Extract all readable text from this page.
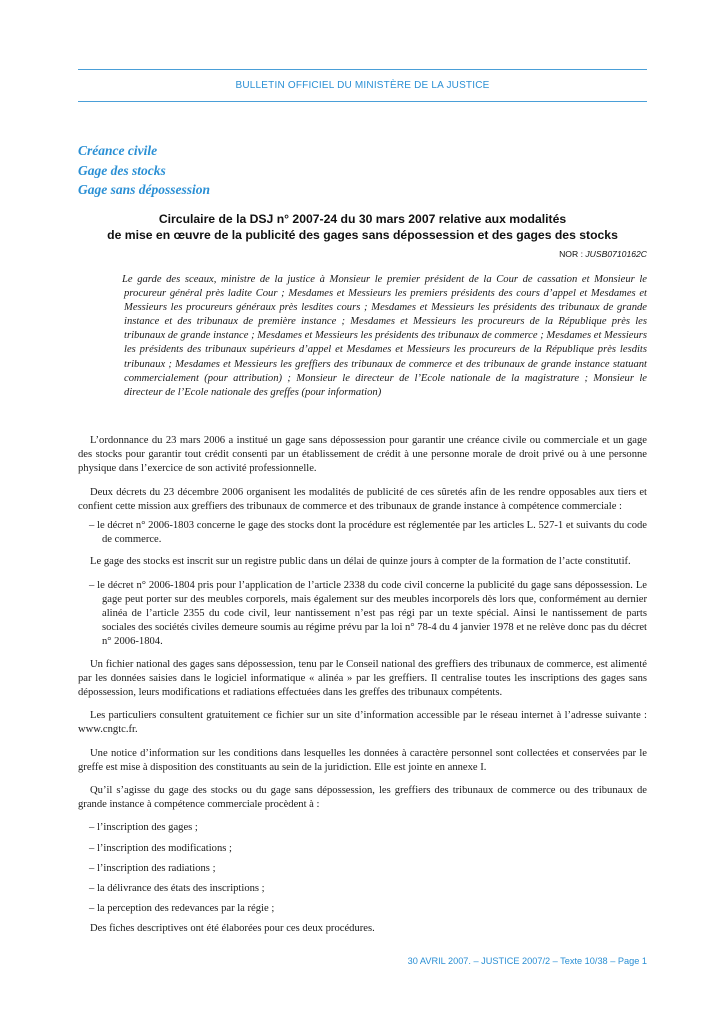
BULLETIN OFFICIEL DU MINISTÈRE DE LA JUSTICE
Créance civile
Gage des stocks
Gage sans dépossession
Circulaire de la DSJ n° 2007-24 du 30 mars 2007 relative aux modalités
de mise en œuvre de la publicité des gages sans dépossession et des gages des stocks
NOR : JUSB0710162C
Le garde des sceaux, ministre de la justice à Monsieur le premier président de la Cour de cassation et Monsieur le procureur général près ladite Cour ; Mesdames et Messieurs les premiers présidents des cours d’appel et Mesdames et Messieurs les procureurs généraux près lesdites cours ; Mesdames et Messieurs les présidents des tribunaux de grande instance et des tribunaux de première instance ; Mesdames et Messieurs les procureurs de la République près les tribunaux de grande instance ; Mesdames et Messieurs les présidents des tribunaux de commerce ; Mesdames et Messieurs les présidents des tribunaux supérieurs d’appel et Mesdames et Messieurs les procureurs de la République près lesdits tribunaux ; Mesdames et Messieurs les greffiers des tribunaux de commerce et des tribunaux de grande instance statuant commercialement (pour attribution) ; Monsieur le directeur de l’Ecole nationale de la magistrature ; Monsieur le directeur de l’Ecole nationale des greffes (pour information)

L’ordonnance du 23 mars 2006 a institué un gage sans dépossession pour garantir une créance civile ou commerciale et un gage des stocks pour garantir tout crédit consenti par un établissement de crédit à une personne morale de droit privé ou à une personne physique dans l’exercice de son activité professionnelle.

Deux décrets du 23 décembre 2006 organisent les modalités de publicité de ces sûretés afin de les rendre opposables aux tiers et confient cette mission aux greffiers des tribunaux de commerce et des tribunaux de grande instance à compétence commerciale :

– le décret n° 2006-1803 concerne le gage des stocks dont la procédure est réglementée par les articles L. 527-1 et suivants du code de commerce.

Le gage des stocks est inscrit sur un registre public dans un délai de quinze jours à compter de la formation de l’acte constitutif.

– le décret n° 2006-1804 pris pour l’application de l’article 2338 du code civil concerne la publicité du gage sans dépossession. Le gage peut porter sur des meubles corporels, mais également sur des meubles incorporels dès lors que, conformément au dernier alinéa de l’article 2355 du code civil, leur nantissement n’est pas régi par un texte spécial. Ainsi le nantissement de parts sociales des sociétés civiles demeure soumis au régime prévu par la loi n° 78-4 du 4 janvier 1978 et ne relève donc pas du décret n° 2006-1804.

Un fichier national des gages sans dépossession, tenu par le Conseil national des greffiers des tribunaux de commerce, est alimenté par les données saisies dans le logiciel informatique « alinéa » par les greffiers. Il centralise toutes les inscriptions des gages sans dépossession, leurs modifications et radiations effectuées dans les greffes des tribunaux compétents.

Les particuliers consultent gratuitement ce fichier sur un site d’information accessible par le réseau internet à l’adresse suivante : www.cngtc.fr.

Une notice d’information sur les conditions dans lesquelles les données à caractère personnel sont collectées et conservées par le greffe est mise à disposition des constituants au sein de la juridiction. Elle est jointe en annexe I.

Qu’il s’agisse du gage des stocks ou du gage sans dépossession, les greffiers des tribunaux de commerce ou des tribunaux de grande instance à compétence commerciale procèdent à :

– l’inscription des gages ;

– l’inscription des modifications ;

– l’inscription des radiations ;

– la délivrance des états des inscriptions ;

– la perception des redevances par la régie ;

Des fiches descriptives ont été élaborées pour ces deux procédures.

30 AVRIL 2007. – JUSTICE 2007/2 – Texte 10/38 – Page 1
